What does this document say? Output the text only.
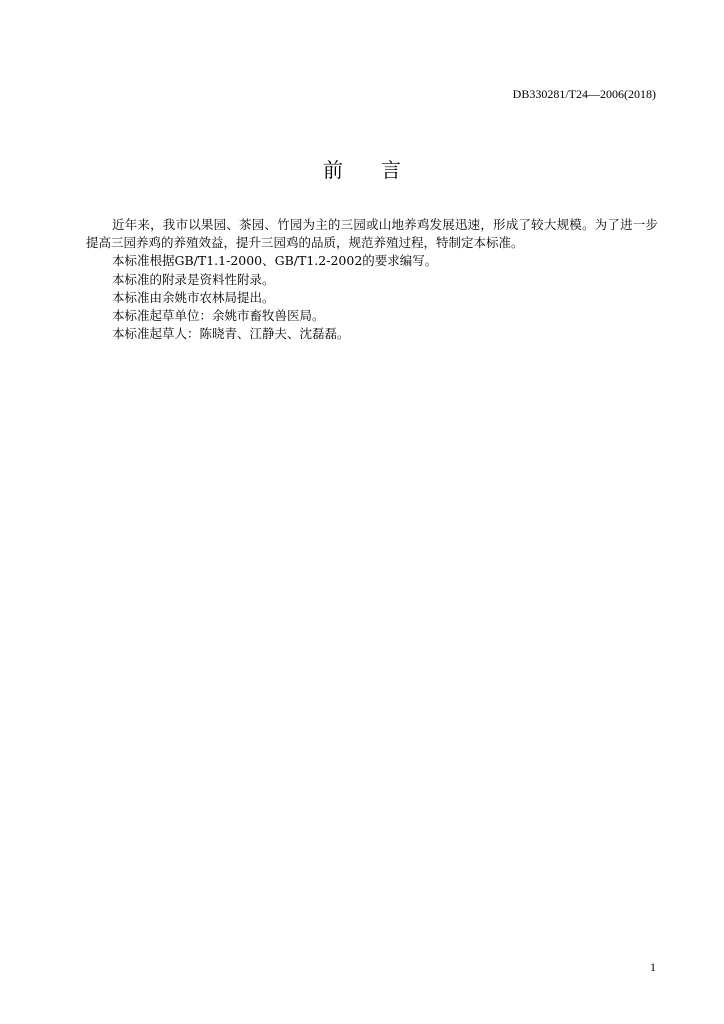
DB330281/T24—2006(2018)
前 言

近年来，我市以果园、茶园、竹园为主的三园或山地养鸡发展迅速，形成了较大规模。为了进一步提高三园养鸡的养殖效益，提升三园鸡的品质，规范养殖过程，特制定本标准。

本标准根据GB/T1.1-2000、GB/T1.2-2002的要求编写。

本标准的附录是资料性附录。

本标准由余姚市农林局提出。

本标准起草单位：余姚市畜牧兽医局。

本标准起草人：陈晓青、江静夫、沈磊磊。

1
